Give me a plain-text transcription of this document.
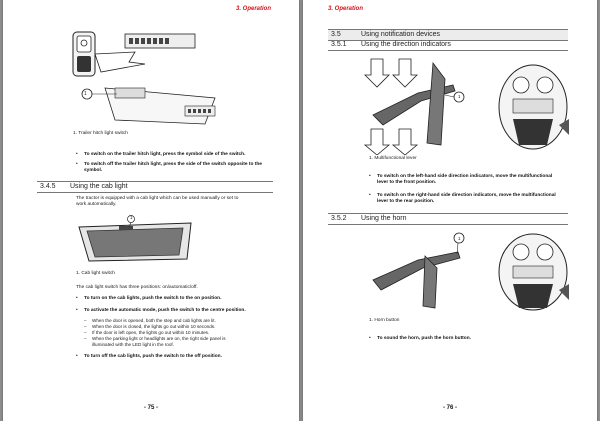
3. Operation
1
1. Trailer hitch light switch
• To switch on the trailer hitch light, press the symbol side of the switch.
• To switch off the trailer hitch light, press the side of the switch opposite to the
symbol.
3.4.5 Using the cab light
The tractor is equipped with a cab light which can be used manually or set to
work automatically.
1
1. Cab light switch
The cab light switch has three positions: on/automatic/off.
• To turn on the cab lights, push the switch to the on position.
• To activate the automatic mode, push the switch to the centre position.
– When the door is opened, both the step and cab lights are lit.
– When the door is closed, the lights go out within 10 seconds.
– If the door is left open, the lights go out within 10 minutes.
– When the parking light or headlights are on, the right side panel is
illuminated with the LED light in the roof.
• To turn off the cab lights, push the switch to the off position.
- 75 -
3. Operation
3.5	Using notification devices
3.5.1 Using the direction indicators
1
1. Multifunctional lever
• To switch on the left-hand side direction indicators, move the multifunctional
lever to the front position.
• To switch on the right-hand side direction indicators, move the multifunctional
lever to the rear position.
3.5.2 Using the horn
1
1. Horn button
• To sound the horn, push the horn button.
- 76 -
